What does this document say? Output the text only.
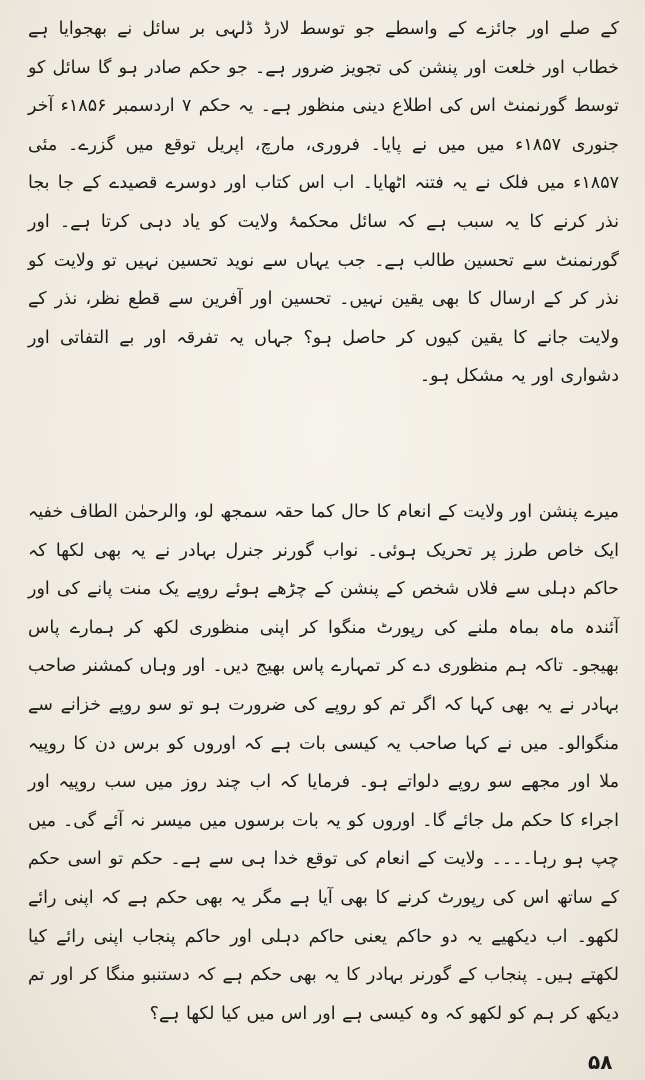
کے صلے اور جائزے کے واسطے جو توسط لارڈ ڈلہی بر سائل نے بھجوایا ہے خطاب اور خلعت اور پنشن کی تجویز ضرور ہے۔ جو حکم صادر ہو گا سائل کو توسط گورنمنٹ اس کی اطلاع دینی منظور ہے۔ یہ حکم ۷ اردسمبر ۱۸۵۶ء آخر جنوری ۱۸۵۷ء میں میں نے پایا۔ فروری، مارچ، اپریل توقع میں گزرے۔ مئی ۱۸۵۷ء میں فلک نے یہ فتنہ اٹھایا۔ اب اس کتاب اور دوسرے قصیدے کے جا بجا نذر کرنے کا یہ سبب ہے کہ سائل محکمۂ ولایت کو یاد دہی کرتا ہے۔ اور گورنمنٹ سے تحسین طالب ہے۔ جب یہاں سے نوید تحسین نہیں تو ولایت کو نذر کر کے ارسال کا بھی یقین نہیں۔ تحسین اور آفرین سے قطع نظر، نذر کے ولایت جانے کا یقین کیوں کر حاصل ہو؟ جہاں یہ تفرقہ اور بے التفاتی اور دشواری اور یہ مشکل ہو۔

میرے پنشن اور ولایت کے انعام کا حال کما حقہ سمجھ لو، والرحمٰن الطاف خفیہ ایک خاص طرز پر تحریک ہوئی۔ نواب گورنر جنرل بہادر نے یہ بھی لکھا کہ حاکم دہلی سے فلاں شخص کے پنشن کے چڑھے ہوئے روپے یک منت پانے کی اور آئندہ ماہ بماہ ملنے کی رپورٹ منگوا کر اپنی منظوری لکھ کر ہمارے پاس بھیجو۔ تاکہ ہم منظوری دے کر تمہارے پاس بھیج دیں۔ اور وہاں کمشنر صاحب بہادر نے یہ بھی کہا کہ اگر تم کو روپے کی ضرورت ہو تو سو روپے خزانے سے منگوالو۔ میں نے کہا صاحب یہ کیسی بات ہے کہ اوروں کو برس دن کا روپیہ ملا اور مجھے سو روپے دلواتے ہو۔ فرمایا کہ اب چند روز میں سب روپیہ اور اجراء کا حکم مل جائے گا۔ اوروں کو یہ بات برسوں میں میسر نہ آئے گی۔ میں چپ ہو رہا۔۔۔۔ ولایت کے انعام کی توقع خدا ہی سے ہے۔ حکم تو اسی حکم کے ساتھ اس کی رپورٹ کرنے کا بھی آیا ہے مگر یہ بھی حکم ہے کہ اپنی رائے لکھو۔ اب دیکھیے یہ دو حاکم یعنی حاکم دہلی اور حاکم پنجاب اپنی رائے کیا لکھتے ہیں۔ پنجاب کے گورنر بہادر کا یہ بھی حکم ہے کہ دستنبو منگا کر اور تم دیکھ کر ہم کو لکھو کہ وہ کیسی ہے اور اس میں کیا لکھا ہے؟

۵۸
